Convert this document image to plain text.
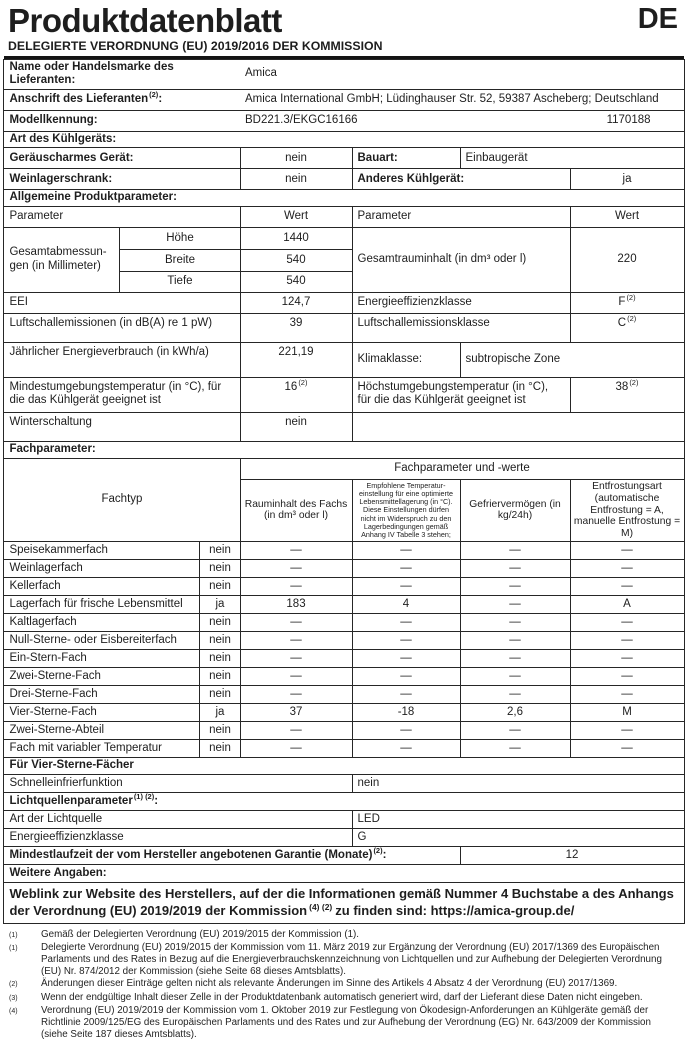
Produktdatenblatt	DE
DELEGIERTE VERORDNUNG (EU) 2019/2016 DER KOMMISSION
Name oder Handelsmarke des Lieferanten:			Amica			
Anschrift des Lieferanten$^{(2)}$:			Amica International GmbH; Lüdinghauser Str. 52, 59387 Ascheberg; Deutschland			
Modellkennung:			BD221.3/EKGC16166 1170188			

Art des Kühlgeräts:						
Geräuscharmes Gerät:			nein	Bauart:	Einbaugerät	
Weinlagerschrank:			nein	Anderes Kühlgerät:		ja
Allgemeine Produktparameter:						
Parameter			Wert	Parameter		Wert
Gesamtabmessungen (in Millimeter)	Höhe		1440	Gesamtrauminhalt (in dm³ oder l)		220
	Breite		540			
	Tiefe		540			
EEI			124,7	Energieeffizienzklasse		$F^{(2)}$
Luftschallemissionen (in dB(A) re 1 pW)			39	Luftschallemissionsklasse		$C^{(2)}$
Jährlicher Energieverbrauch (in kWh/a)			221,19	Klimaklasse:	subtropische Zone	
Mindestumgebungstemperatur (in °C), für die das Kühlgerät geeignet ist			16$^{(2)}$	Höchstumgebungstemperatur (in °C), für die das Kühlgerät geeignet ist		38$^{(2)}$
Winterschaltung			nein			
Fachparameter:						
Fachtyp			Fachparameter und -werte			
			Rauminhalt des Fachs (in dm³ oder l)	Empfohlene Temperatur-einstellung für eine optimierte Lebensmittellagerung (in °C). Diese Einstellungen dürfen nicht im Widerspruch zu den Lagerbedingungen gemäß Anhang IV Tabelle 3 stehen;	Gefriervermögen (in kg/24h)	Entfrostungsart (automatische Entfrostung = A, manuelle Entfrostung = M)
Speisekammerfach		nein	—	—	—	—
Weinlagerfach		nein	—	—	—	—
Kellerfach		nein	—	—	—	—
Lagerfach für frische Lebensmittel		ja	183	4	—	A
Kaltlagerfach		nein	—	—	—	—
Null-Sterne- oder Eisbereiterfach		nein	—	—	—	—
Ein-Stern-Fach		nein	—	—	—	—
Zwei-Sterne-Fach		nein	—	—	—	—
Drei-Sterne-Fach		nein	—	—	—	—
Vier-Sterne-Fach		ja	37	-18	2,6	M
Zwei-Sterne-Abteil		nein	—	—	—	—
Fach mit variabler Temperatur		nein	—	—	—	—
Für Vier-Sterne-Fächer						
Schnelleinfrierfunktion				nein		
Lichtquellenparameter$^{(1) (2)}$:						
Art der Lichtquelle				LED		
Energieeffizienzklasse				G		
Mindestlaufzeit der vom Hersteller angebotenen Garantie (Monate)$^{(2)}$:					12	
Weitere Angaben:						
Weblink zur Website des Herstellers, auf der die Informationen gemäß Nummer 4 Buchstabe a des Anhangs der Verordnung (EU) 2019/2019 der Kommission $^{(4) (2)}$ zu finden sind: https://amica-group.de/						
(1)	Gemäß der Delegierten Verordnung (EU) 2019/2015 der Kommission (1).
(1)	Delegierte Verordnung (EU) 2019/2015 der Kommission vom 11. März 2019 zur Ergänzung der Verordnung (EU) 2017/1369 des Europäischen Parlaments und des Rates in Bezug auf die Energieverbrauchskennzeichnung von Lichtquellen und zur Aufhebung der Delegierten Verordnung (EU) Nr. 874/2012 der Kommission (siehe Seite 68 dieses Amtsblatts).
(2)	Änderungen dieser Einträge gelten nicht als relevante Änderungen im Sinne des Artikels 4 Absatz 4 der Verordnung (EU) 2017/1369.
(3)	Wenn der endgültige Inhalt dieser Zelle in der Produktdatenbank automatisch generiert wird, darf der Lieferant diese Daten nicht eingeben.
(4)	Verordnung (EU) 2019/2019 der Kommission vom 1. Oktober 2019 zur Festlegung von Ökodesign-Anforderungen an Kühlgeräte gemäß der Richtlinie 2009/125/EG des Europäischen Parlaments und des Rates und zur Aufhebung der Verordnung (EG) Nr. 643/2009 der Kommission (siehe Seite 187 dieses Amtsblatts).
